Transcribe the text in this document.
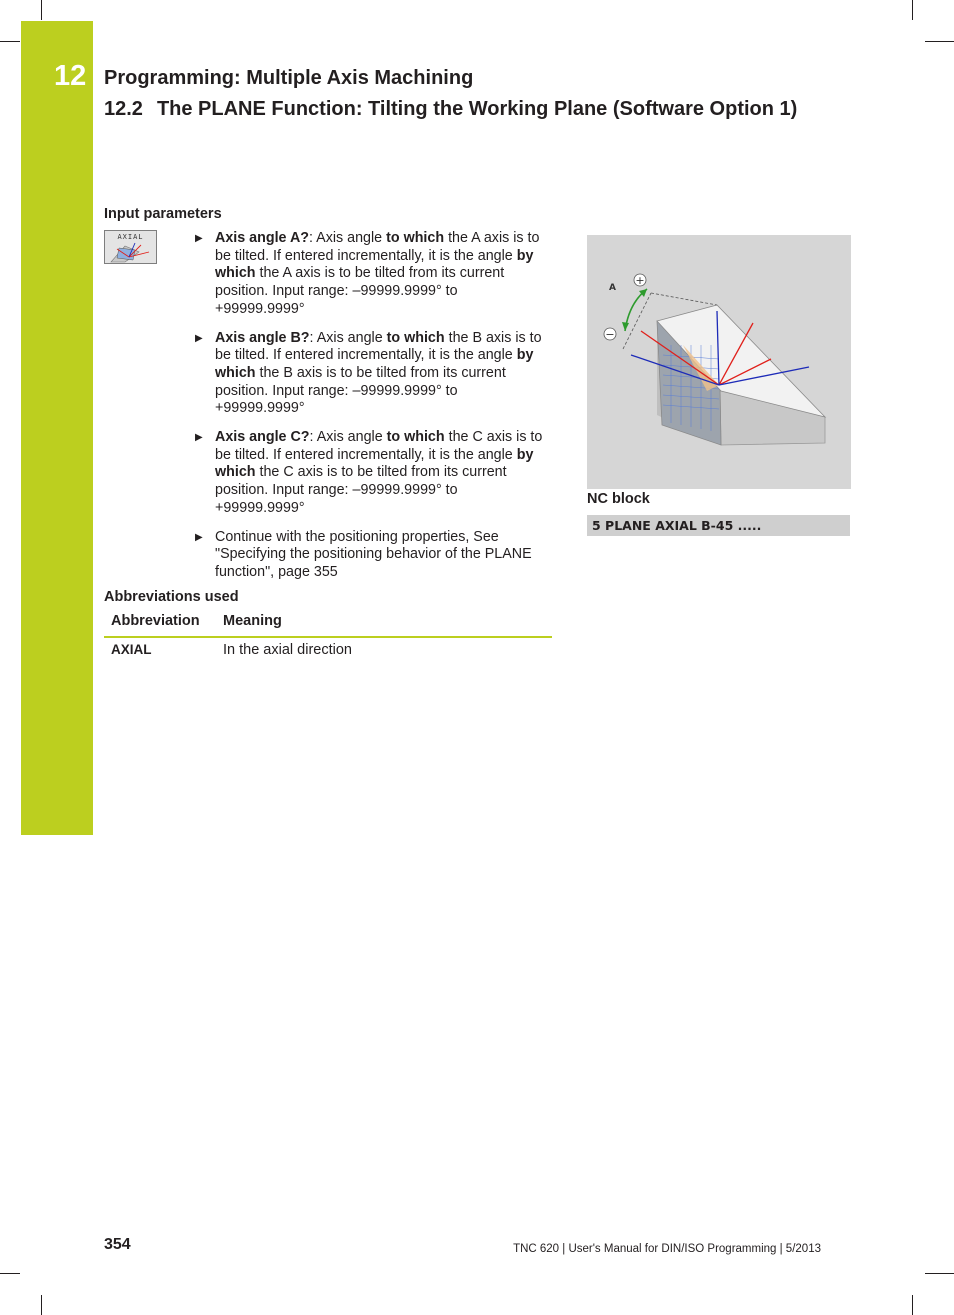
12 Programming: Multiple Axis Machining
12.2 The PLANE Function: Tilting the Working Plane (Software Option 1)
Input parameters
AXIAL	▶ Axis angle A?: Axis angle to which the A axis is to be tilted. If entered incrementally, it is the angle by which the A axis is to be tilted from its current position. Input range: –99999.9999° to +99999.9999°
▶ Axis angle B?: Axis angle to which the B axis is to be tilted. If entered incrementally, it is the angle by which the B axis is to be tilted from its current position. Input range: –99999.9999° to +99999.9999°
▶ Axis angle C?: Axis angle to which the C axis is to be tilted. If entered incrementally, it is the angle by which the C axis is to be tilted from its current position. Input range: –99999.9999° to +99999.9999°
▶ Continue with the positioning properties, See "Specifying the positioning behavior of the PLANE function", page 355
Abbreviations used
Abbreviation	Meaning
AXIAL	In the axial direction
+
−
A
NC block
5 PLANE AXIAL B-45 .....
354	TNC 620 | User's Manual for DIN/ISO Programming | 5/2013
